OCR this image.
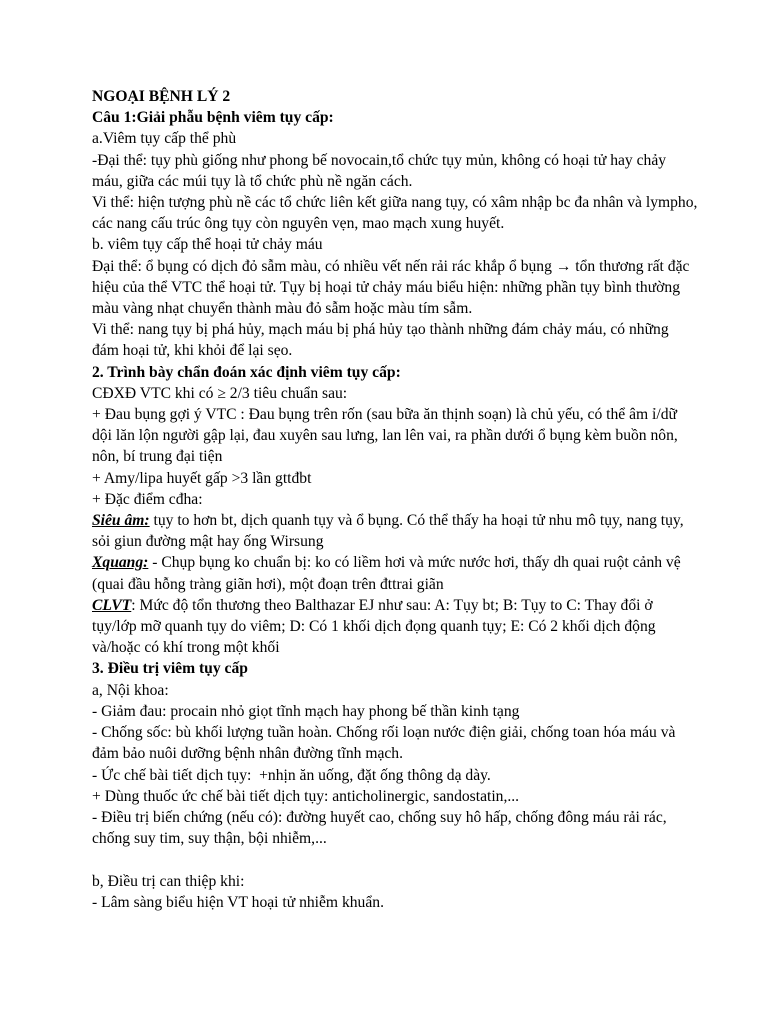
NGOẠI BỆNH LÝ 2
Câu 1:Giải phẫu bệnh viêm tụy cấp:
a.Viêm tụy cấp thể phù
-Đại thể: tụy phù giống như phong bế novocain,tổ chức tụy mủn, không có hoại tử hay chảy máu, giữa các múi tụy là tổ chức phù nề ngăn cách.
Vi thể: hiện tượng phù nề các tổ chức liên kết giữa nang tụy, có xâm nhập bc đa nhân và lympho, các nang cấu trúc ông tụy còn nguyên vẹn, mao mạch xung huyết.
b. viêm tụy cấp thể hoại tử chảy máu
Đại thể: ổ bụng có dịch đỏ sẫm màu, có nhiều vết nến rải rác khắp ổ bụng → tổn thương rất đặc hiệu của thể VTC thể hoại tử. Tụy bị hoại tử chảy máu biểu hiện: những phần tụy bình thường màu vàng nhạt chuyển thành màu đỏ sẫm hoặc màu tím sẫm.
Vi thể: nang tụy bị phá hủy, mạch máu bị phá hủy tạo thành những đám chảy máu, có những đám hoại tử, khi khỏi để lại sẹo.
2. Trình bày chẩn đoán xác định viêm tụy cấp:
CĐXĐ VTC khi có ≥ 2/3 tiêu chuẩn sau:
+ Đau bụng gợi ý VTC : Đau bụng trên rốn (sau bữa ăn thịnh soạn) là chủ yếu, có thể âm ỉ/dữ dội lăn lộn người gập lại, đau xuyên sau lưng, lan lên vai, ra phần dưới ổ bụng kèm buồn nôn, nôn, bí trung đại tiện
+ Amy/lipa huyết gấp >3 lần gttđbt
+ Đặc điểm cđha:
Siêu âm: tụy to hơn bt, dịch quanh tụy và ổ bụng. Có thể thấy ha hoại tử nhu mô tụy, nang tụy, sỏi giun đường mật hay ống Wirsung
Xquang: - Chụp bụng ko chuẩn bị: ko có liềm hơi và mức nước hơi, thấy dh quai ruột cảnh vệ (quai đầu hỗng tràng giãn hơi), một đoạn trên đttrai giãn
CLVT: Mức độ tổn thương theo Balthazar EJ như sau: A: Tụy bt; B: Tụy to C: Thay đổi ở tụy/lớp mỡ quanh tụy do viêm; D: Có 1 khối dịch đọng quanh tụy; E: Có 2 khối dịch động và/hoặc có khí trong một khối
3. Điều trị viêm tụy cấp
a, Nội khoa:
- Giảm đau: procain nhỏ giọt tĩnh mạch hay phong bế thần kinh tạng
- Chống sốc: bù khối lượng tuần hoàn. Chống rối loạn nước điện giải, chống toan hóa máu và đảm bảo nuôi dưỡng bệnh nhân đường tĩnh mạch.
- Ức chế bài tiết dịch tụy:  +nhịn ăn uống, đặt ống thông dạ dày.
+ Dùng thuốc ức chế bài tiết dịch tụy: anticholinergic, sandostatin,...
- Điều trị biến chứng (nếu có): đường huyết cao, chống suy hô hấp, chống đông máu rải rác, chống suy tim, suy thận, bội nhiễm,...
b, Điều trị can thiệp khi:
- Lâm sàng biểu hiện VT hoại tử nhiễm khuẩn.
